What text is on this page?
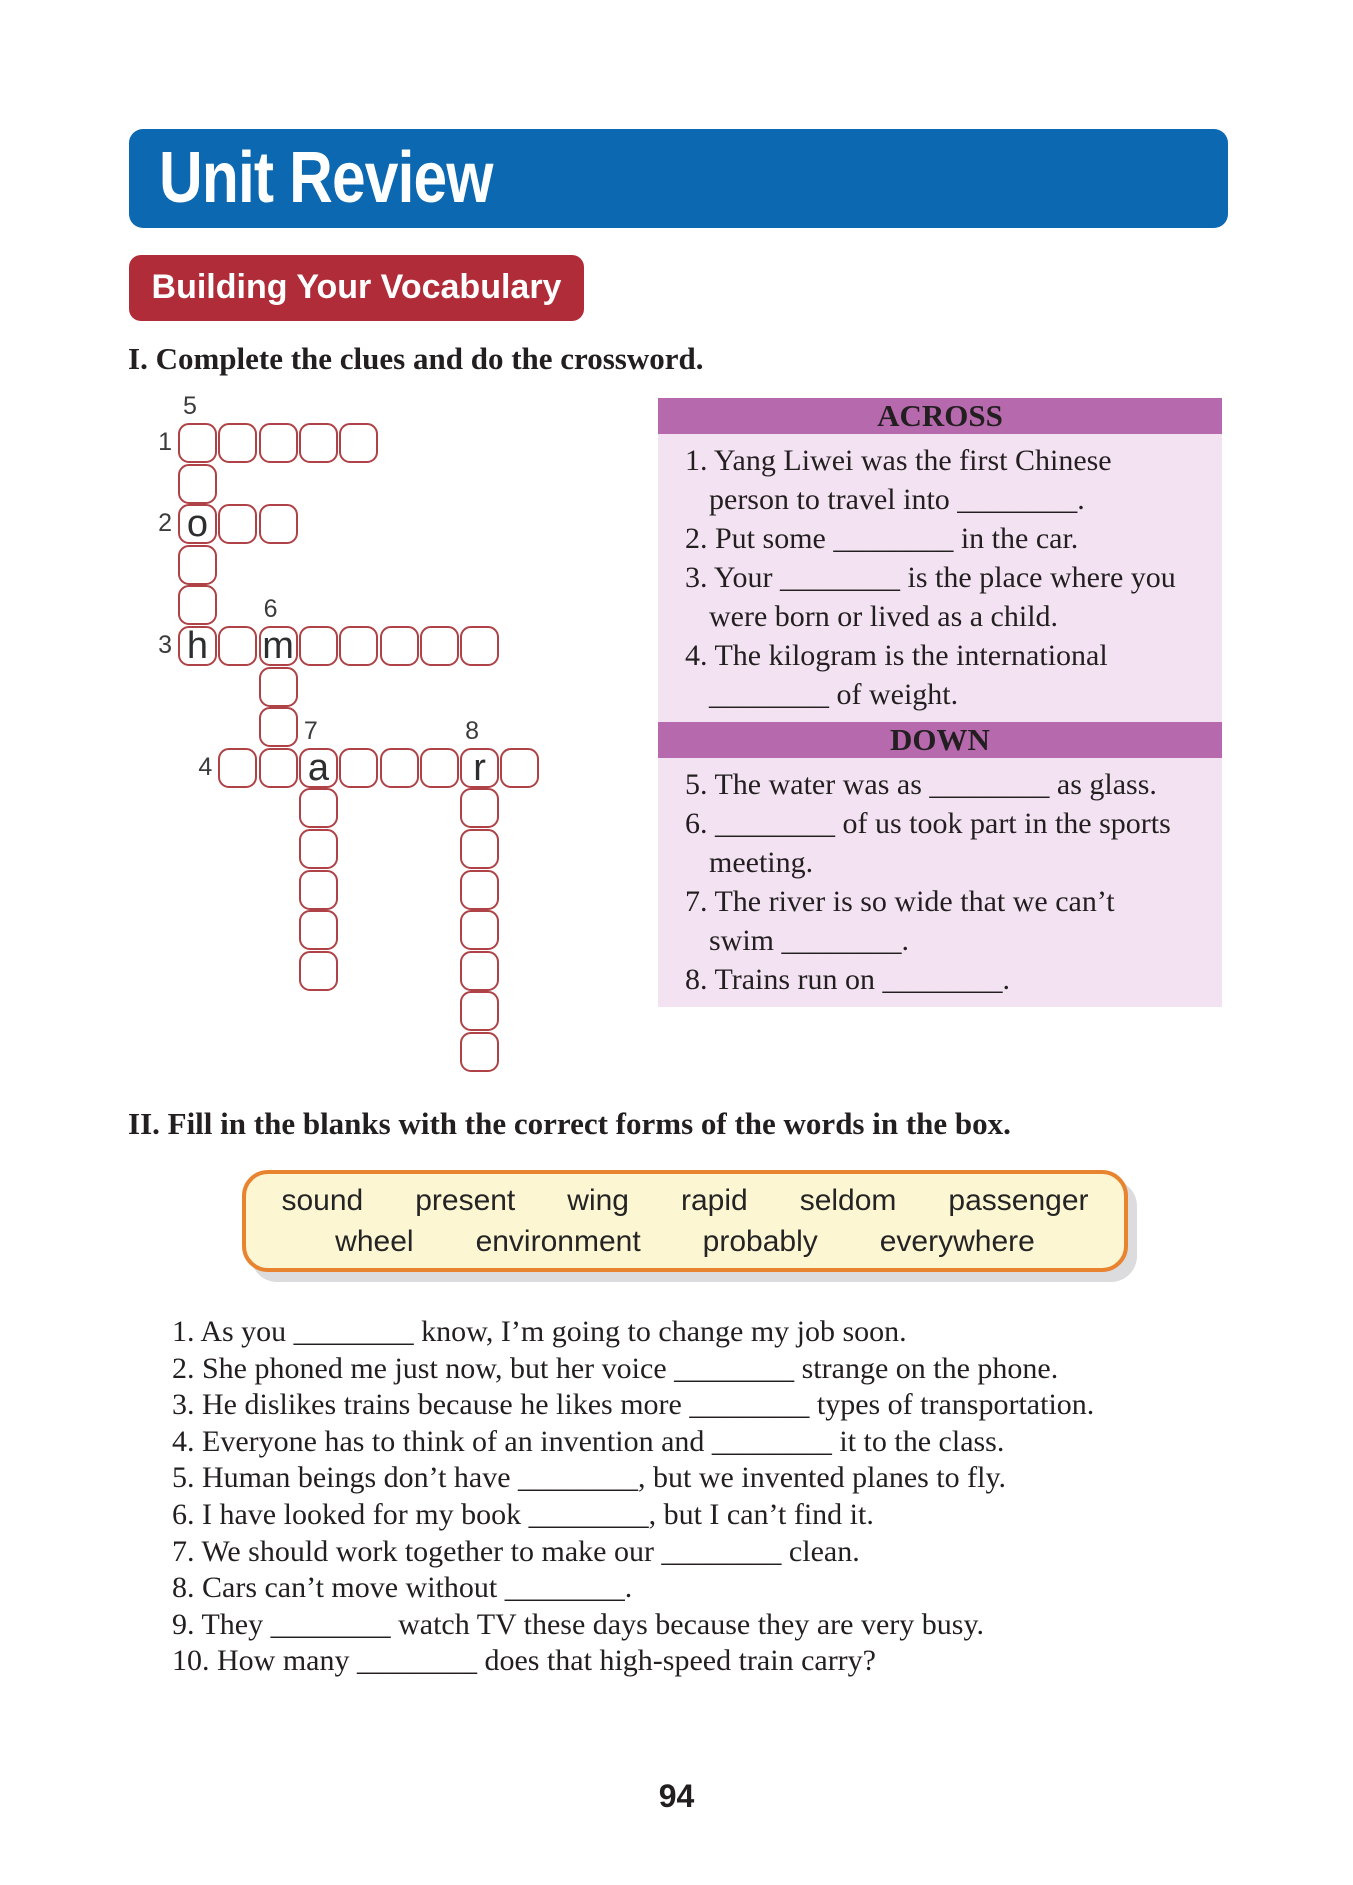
Unit Review
Building Your Vocabulary
I. Complete the clues and do the crossword.
o
h m
a	r
5
1
2
6
3
7	8
4
ACROSS
1. Yang Liwei was the first Chinese
person to travel into ________.
2. Put some ________ in the car.
3. Your ________ is the place where you
were born or lived as a child.
4. The kilogram is the international
________ of weight.
DOWN
5. The water was as ________ as glass.
6. ________ of us took part in the sports
meeting.
7. The river is so wide that we can’t
swim ________.
8. Trains run on ________.
II. Fill in the blanks with the correct forms of the words in the box.
sound present wing rapid seldom passenger
wheel environment probably everywhere
1. As you ________ know, I’m going to change my job soon.
2. She phoned me just now, but her voice ________ strange on the phone.
3. He dislikes trains because he likes more ________ types of transportation.
4. Everyone has to think of an invention and ________ it to the class.
5. Human beings don’t have ________, but we invented planes to fly.
6. I have looked for my book ________, but I can’t find it.
7. We should work together to make our ________ clean.
8. Cars can’t move without ________.
9. They ________ watch TV these days because they are very busy.
10. How many ________ does that high-speed train carry?
94
